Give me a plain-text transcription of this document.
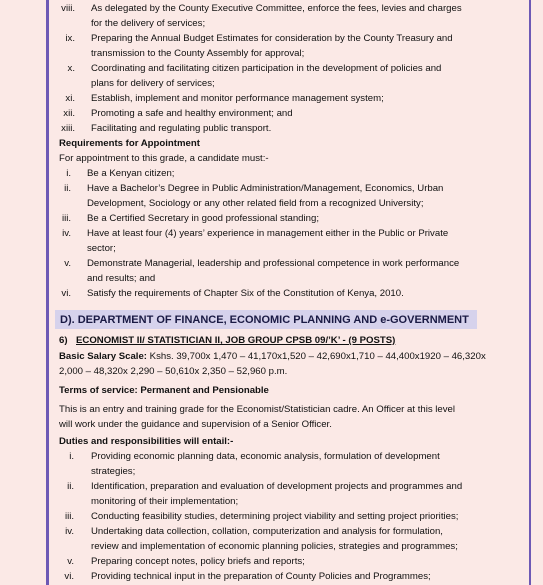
viii. As delegated by the County Executive Committee, enforce the fees, levies and charges
for the delivery of services;
ix. Preparing the Annual Budget Estimates for consideration by the County Treasury and
transmission to the County Assembly for approval;
x. Coordinating and facilitating citizen participation in the development of policies and
plans for delivery of services;
xi. Establish, implement and monitor performance management system;
xii. Promoting a safe and healthy environment; and
xiii. Facilitating and regulating public transport.
Requirements for Appointment
For appointment to this grade, a candidate must:-
i. Be a Kenyan citizen;
ii. Have a Bachelor’s Degree in Public Administration/Management, Economics, Urban
Development, Sociology or any other related field from a recognized University;
iii. Be a Certified Secretary in good professional standing;
iv. Have at least four (4) years’ experience in management either in the Public or Private
sector;
v. Demonstrate Managerial, leadership and professional competence in work performance
and results; and
vi. Satisfy the requirements of Chapter Six of the Constitution of Kenya, 2010.
D). DEPARTMENT OF FINANCE, ECONOMIC PLANNING AND e-GOVERNMENT
6) ECONOMIST II/ STATISTICIAN II, JOB GROUP CPSB 09/’K’ - (9 POSTS)
Basic Salary Scale: Kshs. 39,700x 1,470 – 41,170x1,520 – 42,690x1,710 – 44,400x1920 – 46,320x
2,000 – 48,320x 2,290 – 50,610x 2,350 – 52,960 p.m.
Terms of service: Permanent and Pensionable
This is an entry and training grade for the Economist/Statistician cadre. An Officer at this level
will work under the guidance and supervision of a Senior Officer.
Duties and responsibilities will entail:-
i. Providing economic planning data, economic analysis, formulation of development
strategies;
ii. Identification, preparation and evaluation of development projects and programmes and
monitoring of their implementation;
iii. Conducting feasibility studies, determining project viability and setting project priorities;
iv. Undertaking data collection, collation, computerization and analysis for formulation,
review and implementation of economic planning policies, strategies and programmes;
v. Preparing concept notes, policy briefs and reports;
vi. Providing technical input in the preparation of County Policies and Programmes;
